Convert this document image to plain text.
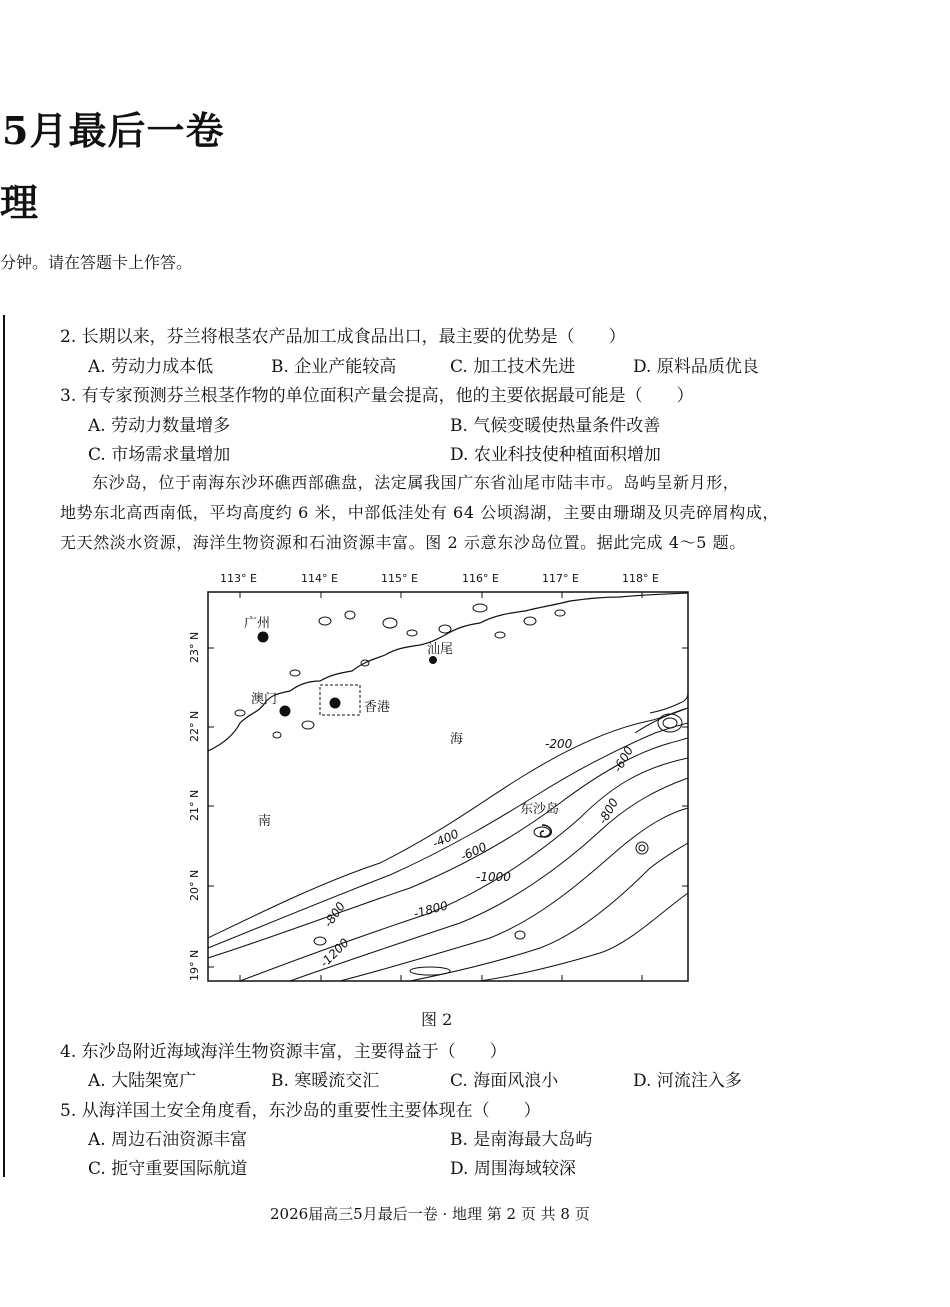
5月最后一卷
理
分钟。请在答题卡上作答。
2. 长期以来，芬兰将根茎农产品加工成食品出口，最主要的优势是（　　）
A. 劳动力成本低	B. 企业产能较高	C. 加工技术先进	D. 原料品质优良
3. 有专家预测芬兰根茎作物的单位面积产量会提高，他的主要依据最可能是（　　）
A. 劳动力数量增多	B. 气候变暖使热量条件改善
C. 市场需求量增加	D. 农业科技使种植面积增加
东沙岛，位于南海东沙环礁西部礁盘，法定属我国广东省汕尾市陆丰市。岛屿呈新月形，
地势东北高西南低，平均高度约 6 米，中部低洼处有 64 公顷潟湖，主要由珊瑚及贝壳碎屑构成，
无天然淡水资源，海洋生物资源和石油资源丰富。图 2 示意东沙岛位置。据此完成 4～5 题。
113° E	114° E	115° E	116° E	117° E	118° E
23° N
22° N
21° N
20° N
19° N
广州
汕尾
澳门
香港
东沙岛
海
南
-200
-400
-600
-800
-1000
-1200
-1800
-600
-800
图 2
4. 东沙岛附近海域海洋生物资源丰富，主要得益于（　　）
A. 大陆架宽广	B. 寒暖流交汇	C. 海面风浪小	D. 河流注入多
5. 从海洋国土安全角度看，东沙岛的重要性主要体现在（　　）
A. 周边石油资源丰富	B. 是南海最大岛屿
C. 扼守重要国际航道	D. 周围海域较深
2026届高三5月最后一卷 · 地理 第 2 页 共 8 页
